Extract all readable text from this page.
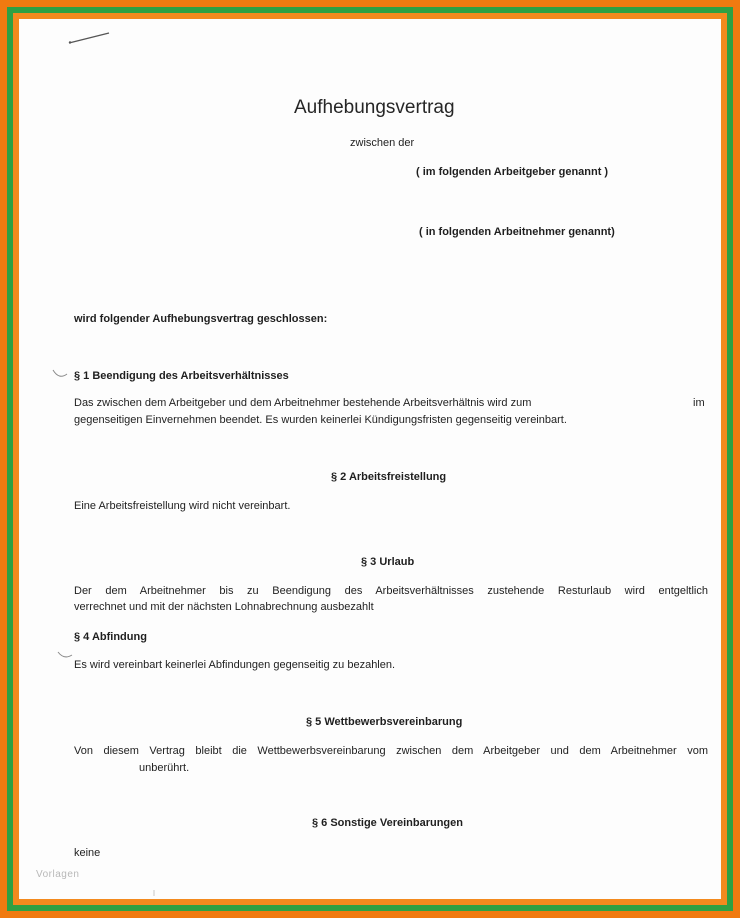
Aufhebungsvertrag
zwischen der
( im folgenden Arbeitgeber genannt )
( in folgenden Arbeitnehmer genannt)
wird folgender Aufhebungsvertrag geschlossen:
§ 1 Beendigung des Arbeitsverhältnisses
Das zwischen dem Arbeitgeber und dem Arbeitnehmer bestehende Arbeitsverhältnis wird zum	im
gegenseitigen Einvernehmen beendet. Es wurden keinerlei Kündigungsfristen gegenseitig vereinbart.
§ 2 Arbeitsfreistellung
Eine Arbeitsfreistellung wird nicht vereinbart.
§ 3 Urlaub
Der dem Arbeitnehmer bis zu Beendigung des Arbeitsverhältnisses zustehende Resturlaub wird entgeltlich
verrechnet und mit der nächsten Lohnabrechnung ausbezahlt
§ 4 Abfindung
Es wird vereinbart keinerlei Abfindungen gegenseitig zu bezahlen.
§ 5 Wettbewerbsvereinbarung
Von diesem Vertrag bleibt die Wettbewerbsvereinbarung zwischen dem Arbeitgeber und dem Arbeitnehmer vom
unberührt.
§ 6 Sonstige Vereinbarungen
keine
Vorlagen
